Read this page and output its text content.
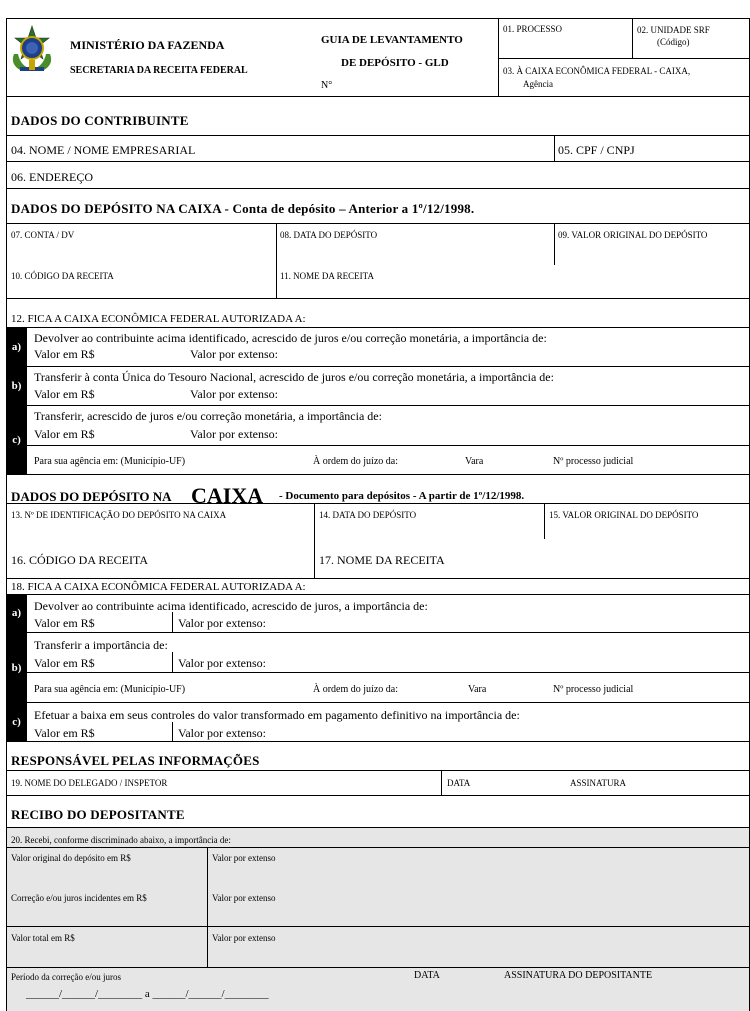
MINISTÉRIO DA FAZENDA
SECRETARIA DA RECEITA FEDERAL
GUIA DE LEVANTAMENTO
DE DEPÓSITO - GLD
N°
01. PROCESSO	02. UNIDADE SRF
(Código)
03. À CAIXA ECONÔMICA FEDERAL - CAIXA,
Agência
DADOS DO CONTRIBUINTE
04. NOME / NOME EMPRESARIAL	05. CPF / CNPJ
06. ENDEREÇO
DADOS DO DEPÓSITO NA CAIXA - Conta de depósito – Anterior a 1º/12/1998.
07. CONTA / DV	08. DATA DO DEPÓSITO	09. VALOR ORIGINAL DO DEPÓSITO
10. CÓDIGO DA RECEITA	11. NOME DA RECEITA
12. FICA A CAIXA ECONÔMICA FEDERAL AUTORIZADA A:
a)
Devolver ao contribuinte acima identificado, acrescido de juros e/ou correção monetária, a importância de:
Valor em R$	Valor por extenso:
b)
Transferir à conta Única do Tesouro Nacional, acrescido de juros e/ou correção monetária, a importância de:
Valor em R$	Valor por extenso:
c)
Transferir, acrescido de juros e/ou correção monetária, a importância de:
Valor em R$	Valor por extenso:
Para sua agência em: (Município-UF)	À ordem do juízo da:	Vara	Nº processo judicial
DADOS DO DEPÓSITO NA CAIXA - Documento para depósitos - A partir de 1º/12/1998.
13. Nº DE IDENTIFICAÇÃO DO DEPÓSITO NA CAIXA	14. DATA DO DEPÓSITO	15. VALOR ORIGINAL DO DEPÓSITO
16. CÓDIGO DA RECEITA	17. NOME DA RECEITA
18. FICA A CAIXA ECONÔMICA FEDERAL AUTORIZADA A:
a)	Devolver ao contribuinte acima identificado, acrescido de juros, a importância de:
Valor em R$	Valor por extenso:
b)
Transferir a importância de:
Valor em R$	Valor por extenso:
Para sua agência em: (Município-UF)	À ordem do juízo da:	Vara	Nº processo judicial
c)	Efetuar a baixa em seus controles do valor transformado em pagamento definitivo na importância de:
Valor em R$	Valor por extenso:
RESPONSÁVEL PELAS INFORMAÇÕES
19. NOME DO DELEGADO / INSPETOR	DATA	ASSINATURA
RECIBO DO DEPOSITANTE
20. Recebi, conforme discriminado abaixo, a importância de:
Valor original do depósito em R$	Valor por extenso
Correção e/ou juros incidentes em R$	Valor por extenso
Valor total em R$	Valor por extenso
Período da correção e/ou juros	DATA	ASSINATURA DO DEPOSITANTE
______/______/________ a ______/______/________
